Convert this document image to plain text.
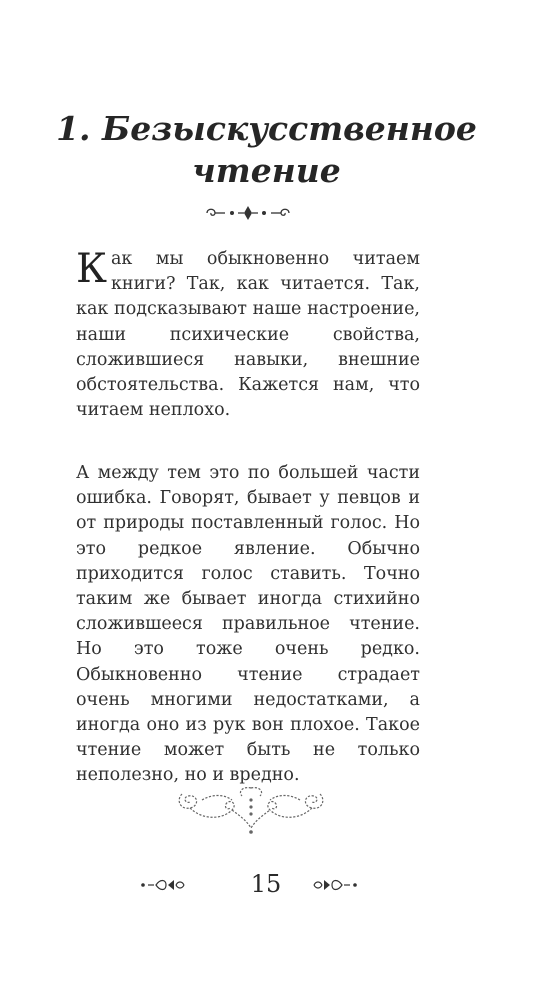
1. Безыскусственное
чтение

Как мы обыкновенно читаем книги? Так, как читается. Так, как подсказывают наше настроение, наши психические свойства, сложившиеся навыки, внешние обстоятельства. Кажется нам, что читаем неплохо.

А между тем это по большей части ошибка. Говорят, бывает у певцов и от природы поставленный голос. Но это редкое явление. Обычно приходится голос ставить. Точно таким же бывает иногда стихийно сложившееся правильное чтение. Но это тоже очень редко. Обыкновенно чтение страдает очень многими недостатками, а иногда оно из рук вон плохое. Такое чтение может быть не только неполезно, но и вредно.

15
